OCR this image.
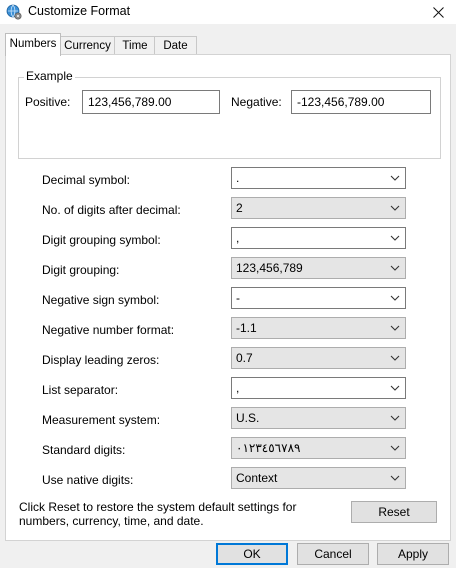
Customize Format
Numbers Currency	Time	Date
Example
Positive:	123,456,789.00	Negative:	-123,456,789.00
Decimal symbol:	.
No. of digits after decimal:	2
Digit grouping symbol:	,
Digit grouping:	123,456,789
Negative sign symbol:	-
Negative number format:	-1.1
Display leading zeros:	0.7
List separator:	,
Measurement system:	U.S.
Standard digits:	٠١٢٣٤٥٦٧٨٩
Use native digits:	Context
Click Reset to restore the system default settings for numbers, currency, time, and date.
Reset
OK	Cancel	Apply
